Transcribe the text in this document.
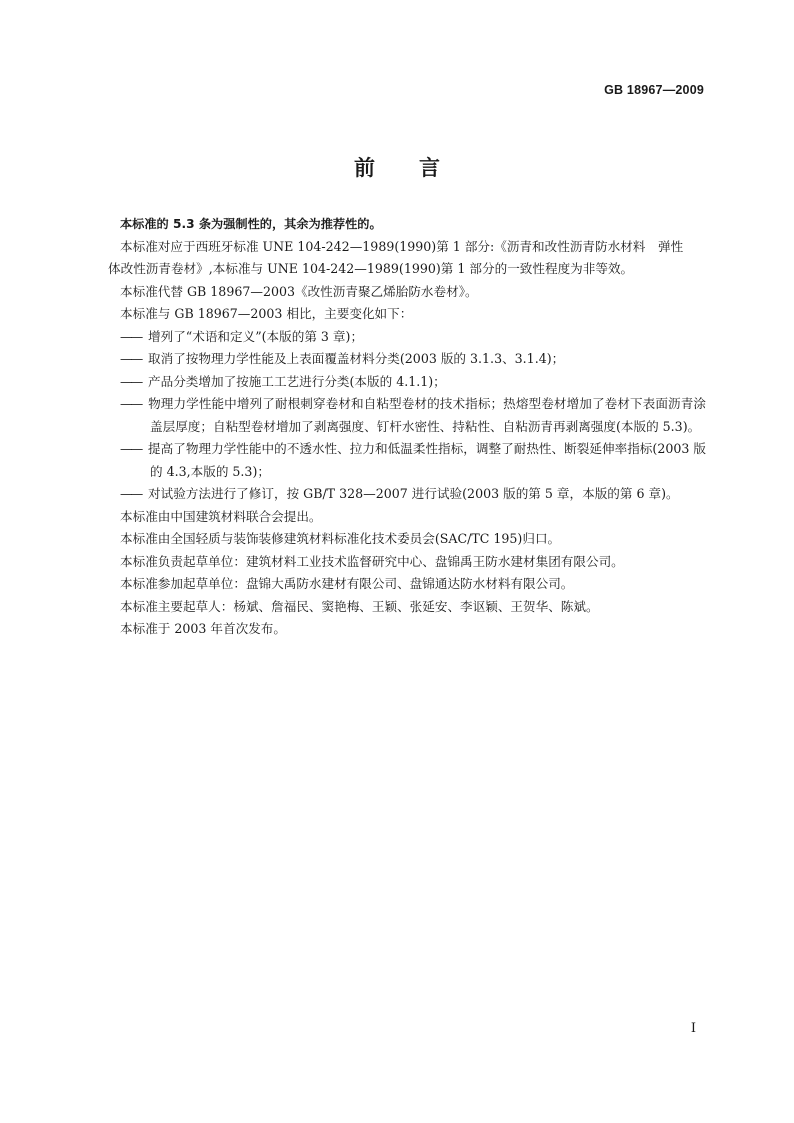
GB 18967—2009
前言

本标准的 5.3 条为强制性的，其余为推荐性的。

本标准对应于西班牙标准 UNE 104-242—1989(1990)第 1 部分:《沥青和改性沥青防水材料　弹性

体改性沥青卷材》,本标准与 UNE 104-242—1989(1990)第 1 部分的一致性程度为非等效。

本标准代替 GB 18967—2003《改性沥青聚乙烯胎防水卷材》。

本标准与 GB 18967—2003 相比，主要变化如下：

—— 增列了“术语和定义”(本版的第 3 章)；

—— 取消了按物理力学性能及上表面覆盖材料分类(2003 版的 3.1.3、3.1.4)；

—— 产品分类增加了按施工工艺进行分类(本版的 4.1.1)；

—— 物理力学性能中增列了耐根刺穿卷材和自粘型卷材的技术指标；热熔型卷材增加了卷材下表面沥青涂盖层厚度；自粘型卷材增加了剥离强度、钉杆水密性、持粘性、自粘沥青再剥离强度(本版的 5.3)。

—— 提高了物理力学性能中的不透水性、拉力和低温柔性指标，调整了耐热性、断裂延伸率指标(2003 版的 4.3,本版的 5.3)；

—— 对试验方法进行了修订，按 GB/T 328—2007 进行试验(2003 版的第 5 章，本版的第 6 章)。

本标准由中国建筑材料联合会提出。

本标准由全国轻质与装饰装修建筑材料标准化技术委员会(SAC/TC 195)归口。

本标准负责起草单位：建筑材料工业技术监督研究中心、盘锦禹王防水建材集团有限公司。

本标准参加起草单位：盘锦大禹防水建材有限公司、盘锦通达防水材料有限公司。

本标准主要起草人：杨斌、詹福民、窦艳梅、王颖、张延安、李讴颖、王贺华、陈斌。

本标准于 2003 年首次发布。

I
